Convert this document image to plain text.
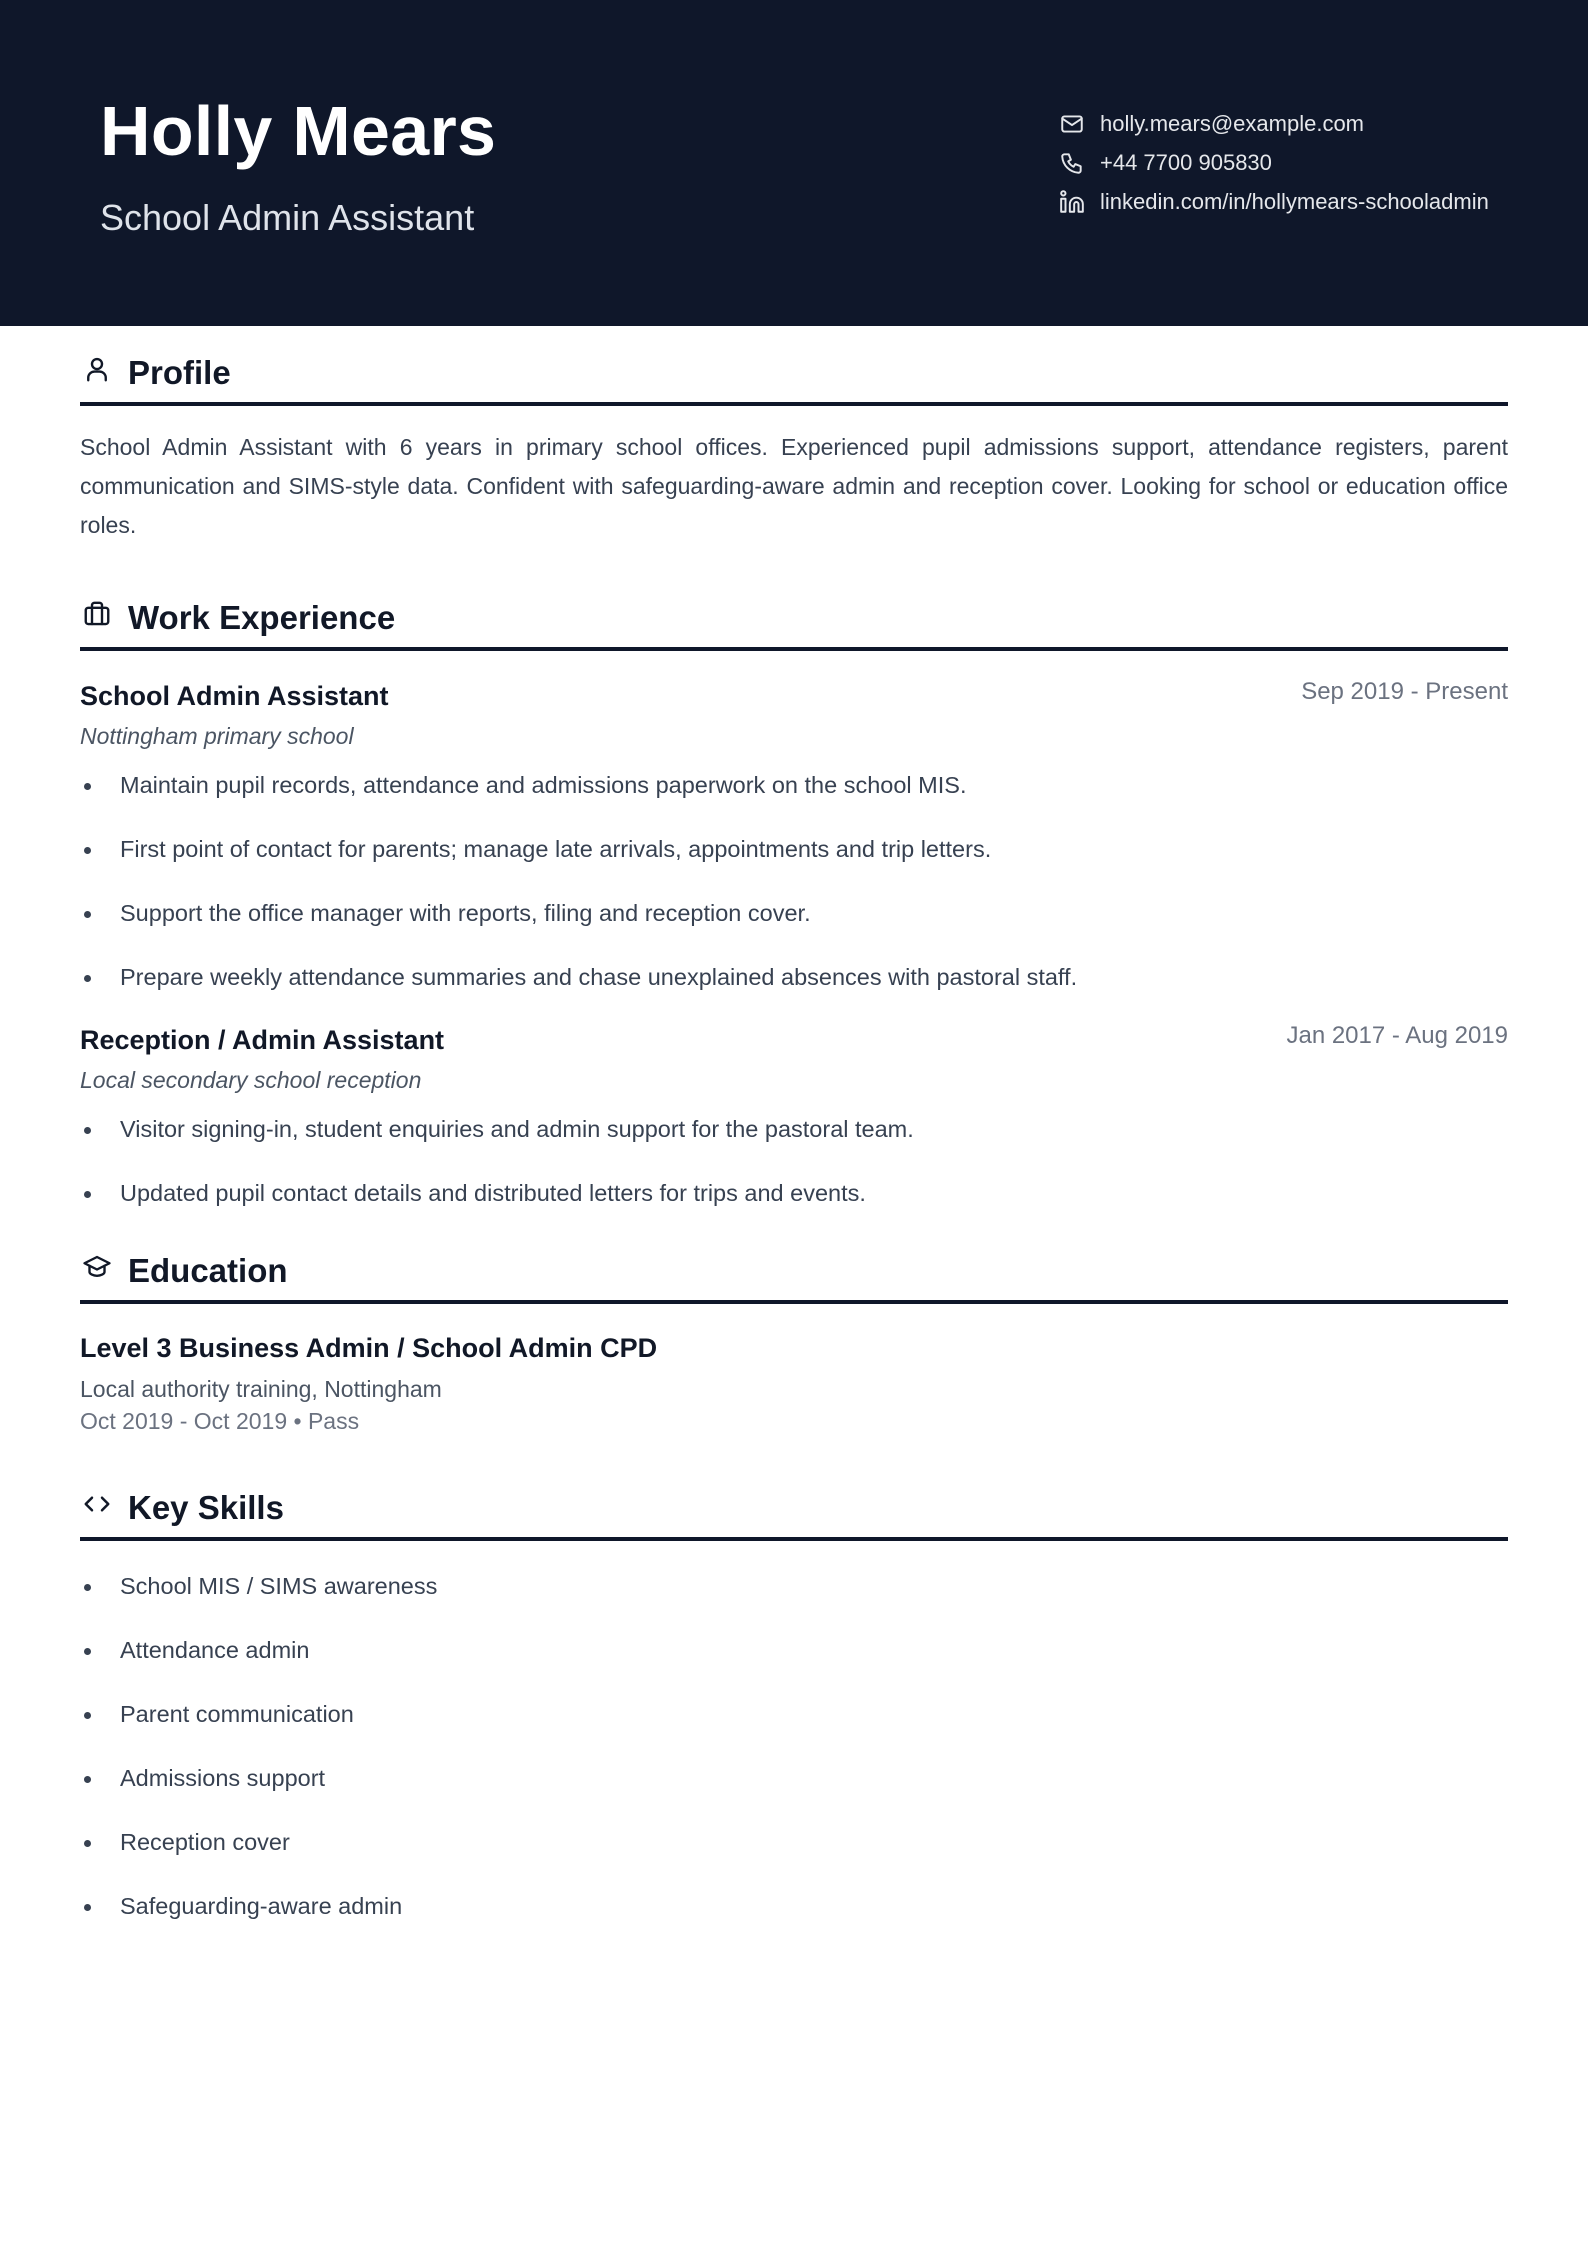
Holly Mears
School Admin Assistant
holly.mears@example.com
+44 7700 905830
linkedin.com/in/hollymears-schooladmin
Profile

School Admin Assistant with 6 years in primary school offices. Experienced pupil admissions support, attendance registers, parent communication and SIMS-style data. Confident with safeguarding-aware admin and reception cover. Looking for school or education office roles.

Work Experience
School Admin Assistant	Sep 2019 - Present
Nottingham primary school
Maintain pupil records, attendance and admissions paperwork on the school MIS.
First point of contact for parents; manage late arrivals, appointments and trip letters.
Support the office manager with reports, filing and reception cover.
Prepare weekly attendance summaries and chase unexplained absences with pastoral staff.
Reception / Admin Assistant	Jan 2017 - Aug 2019
Local secondary school reception
Visitor signing-in, student enquiries and admin support for the pastoral team.
Updated pupil contact details and distributed letters for trips and events.
Education
Level 3 Business Admin / School Admin CPD
Local authority training, Nottingham
Oct 2019 - Oct 2019 • Pass
Key Skills
School MIS / SIMS awareness
Attendance admin
Parent communication
Admissions support
Reception cover
Safeguarding-aware admin
